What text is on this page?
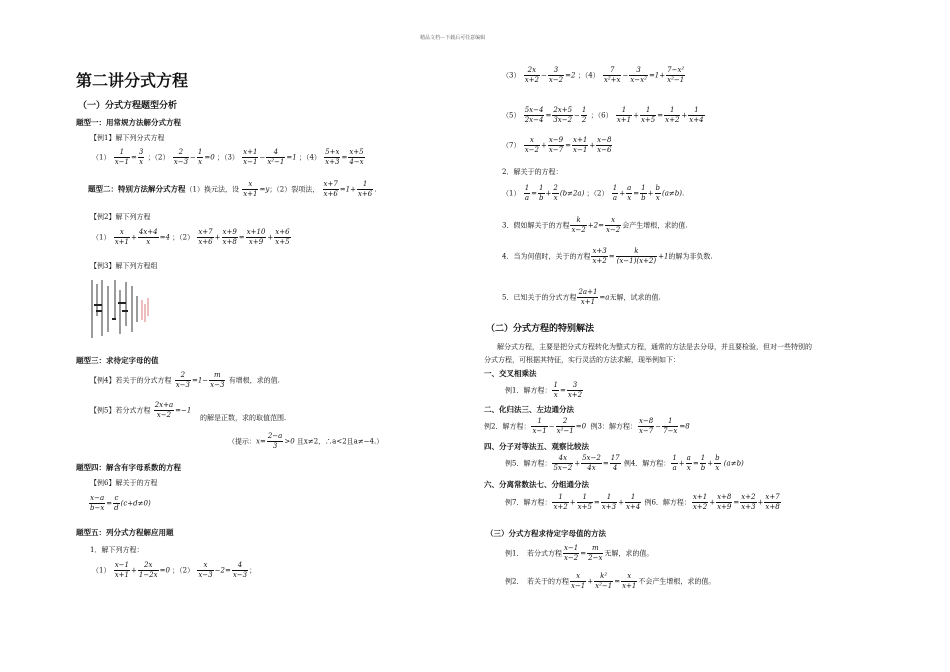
精品文档---下载后可任意编辑
第二讲分式方程
（一）分式方程题型分析
题型一：用常规方法解分式方程
【例1】解下列分式方程
$(1) \frac{1}{x-1} = \frac{3}{x}$ ；$(2) \frac{2}{x-3} - \frac{1}{x} =0$ ；$(3) \frac{x+1}{x-1} - \frac{4}{\text{x²−1}} =1$ ；$(4) \frac{5+x}{x+3} = \frac{x+5}{4-x}$
题型二：特别方法解分式方程（1）换元法，设 $\frac{x}{x+1} =y$；（2）裂项法， $\frac{x+7}{x+6} =1+ \frac{1}{x+6}$ .
【例2】解下列方程
$(1) \frac{x}{x+1} + \frac{4x+4}{x} =4$ ；$(2) \frac{x+7}{x+6} + \frac{x+9}{x+8} = \frac{x+10}{x+9} + \frac{x+6}{x+5}$
【例3】解下列方程组
题型三：求待定字母的值
【例4】若关于的分式方程 $\frac{2}{x-3} =1- \frac{m}{x-3}$ 有增根，求的值.
【例5】若分式方程 $\frac{2x+a}{x-2} =-1$
的解是正数，求的取值范围.
（提示：$x= \frac{2-a}{3} >0$ 且x≠2，∴a<2且a≠−4.）
题型四：解含有字母系数的方程
【例6】解关于的方程
$\frac{x-a}{b-x} = \frac{c}{d} (c+d\ne 0)$
题型五：列分式方程解应用题
1．解下列方程：
$(1) \frac{x-1}{x+1} + \frac{2x}{1-2x} =0$ ；$(2) \frac{x}{x-3} -2= \frac{4}{x-3}$ ；
$(3) \frac{2x}{x+2} - \frac{3}{x-2} =2$ ；$(4) \frac{7}{\text{x²+x}} - \frac{3}{\text{x−x²}} =1+ \frac{\text{7−x²}}{\text{x²−1}}$
$(5) \frac{5x-4}{2x-4} = \frac{2x+5}{3x-2} - \frac{1}{2}$ ；$(6) \frac{1}{x+1} + \frac{1}{x+5} = \frac{1}{x+2} + \frac{1}{x+4}$
$(7) \frac{x}{x-2} + \frac{x-9}{x-7} = \frac{x+1}{x-1} + \frac{x-8}{x-6}$
2．解关于的方程：
$(1) \frac{1}{a} = \frac{1}{b} + \frac{2}{x} (b\ne 2a)$ ；$(2) \frac{1}{a} + \frac{a}{x} = \frac{1}{b} + \frac{b}{x} (a\ne b)$.
3．假如解关于的方程 $\frac{k}{x-2} +2= \frac{x}{x-2}$ 会产生增根，求的值.
4．当为何值时，关于的方程 $\frac{x+3}{x+2} = \frac{k}{(x-1)(x+2)} +1$的解为非负数.
5．已知关于的分式方程 $\frac{2a+1}{x+1} =a$无解，试求的值.
（二）分式方程的特别解法
解分式方程，主要是把分式方程转化为整式方程，通常的方法是去分母，并且要检验，但对一些特别的
分式方程，可根据其特征，实行灵活的方法求解，现举例如下：
一、交叉相乘法
例1．解方程： $\frac{1}{x} = \frac{3}{x+2}$
二、化归法三、左边通分法
例2．解方程： $\frac{1}{x-1} - \frac{2}{\text{x²−1}} =0$ 例3：解方程： $\frac{x-8}{x-7} - \frac{1}{7-x} =8$
四、分子对等法五、观察比较法
例5．解方程： $\frac{4x}{5x-2} + \frac{5x-2}{4x} = \frac{17}{4}$ 例4．解方程： $\frac{1}{a} + \frac{a}{x} = \frac{1}{b} + \frac{b}{x} (a\ne b)$
六、分离常数法七、分组通分法
例7．解方程： $\frac{1}{x+2} + \frac{1}{x+5} = \frac{1}{x+3} + \frac{1}{x+4}$ 例6．解方程： $\frac{x+1}{x+2} + \frac{x+8}{x+9} = \frac{x+2}{x+3} + \frac{x+7}{x+8}$
（三）分式方程求待定字母值的方法
例1．　若分式方程 $\frac{x-1}{x-2} = \frac{m}{2-x}$ 无解，求的值。
例2．　若关于的方程 $\frac{x}{x-1} + \frac{\text{k²}}{\text{x²−1}} = \frac{x}{x+1}$ 不会产生增根，求的值。
